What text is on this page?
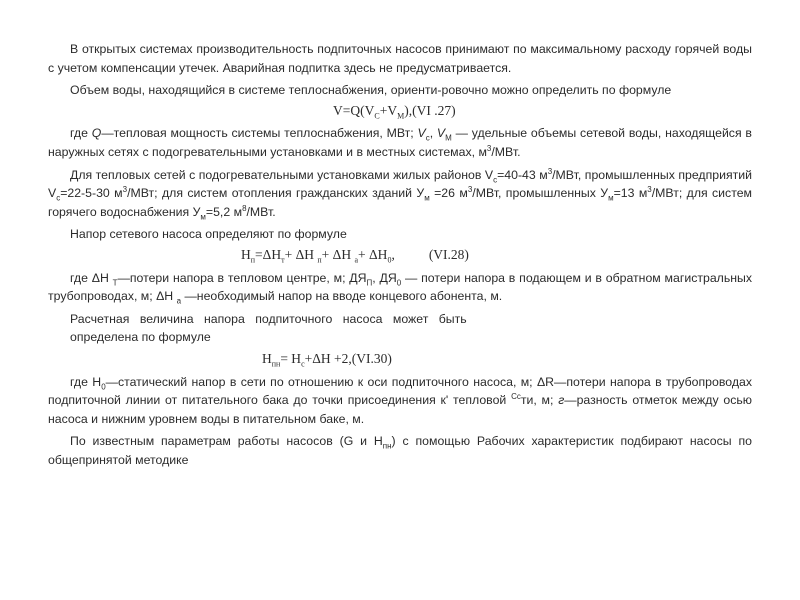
В открытых системах производительность подпиточных насосов принимают по максимальному расходу горячей воды с учетом компенсации утечек. Аварийная подпитка здесь не предусматривается.

Объем воды, находящийся в системе теплоснабжения, ориенти-ровочно можно определить по формуле

$V=Q(V_C+V_M),(VI$ .27)

где Q—тепловая мощность системы теплоснабжения, МВт; $V_c$, $V_M$ — удельные объемы сетевой воды, находящейся в наружных сетях с подогревательными установками и в местных системах, $м^3$/МВт.

Для тепловых сетей с подогревательными установками жилых районов $V_c=40-43$ $м^3$/МВт, промышленных предприятий $V_c=22-5-30$ $м^3$/МВт; для систем отопления гражданских зданий $У_м =26$ $м^3$/МВт, промышленных $У_м=13$ $м^3$/МВт; для систем горячего водоснабжения $У_м=5,2$ $м^8$/МВт.

Напор сетевого насоса определяют по формуле

$Н_п=\Delta Н_т+ \Delta Н$ $_п$+ ΔН $_а+ \Delta Н_0$,	(VI.28)

где ΔН $_Т$—потери напора в тепловом центре, м; $ДЯ_П$, $ДЯ_0$ — потери напора в подающем и в обратном магистральных трубопроводах, м; ΔН $_а$ —необходимый напор на вводе концевого абонента, м.

Расчетная величина напора подпиточного насоса может быть

определена по формуле

$Н_{пн}= Н_с+\Delta Н +2,(VI.30)$

где $Н_0—статический$ напор в сети по отношению к оси подпиточного насоса, м; ΔR—потери напора в трубопроводах подпиточной линии от питательного бака до точки присоединения к' тепловой $^{Сс}$ти, м; г—разность отметок между осью насоса и нижним уровнем воды в питательном баке, м.

По известным параметрам работы насосов (G и $Н_{пн}$) с помощью Рабочих характеристик подбирают насосы по общепринятой методике
